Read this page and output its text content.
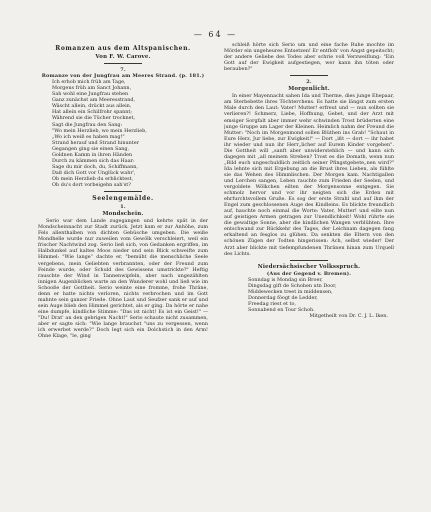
— 64 —
Romanzen aus dem Altspanischen.
Von F. W. Carove.
7.
Romanze von der Jungfrau am Meeres Strand. (p. 181.)
Ich erhob mich früh am Tage,
Morgens früh am Sanct Johann,
Sah wohl eine Jungfrau stehen
Ganz zunächst am Meeresstrand,
Wäscht allein, drückt aus allein,
Hat allein ein Schilfrohr spannt;
Während sie die Tücher trocknet,
Sagt die Jungfrau den Sang:
"Wo mein Herzlieb, wo mein Herzlieb,
„Wo ich weiß es haben mag!"
Strand herauf und Strand hinunter
Gegangen ging sie einen Sang,
Goldnen Kamm in ihren Händen
Durch zu kämmen sich das Haar:
Sage du mir doch, du, Schiffmann,
Daß dich Gott vor Unglück wahr',
Ob mein Herzlieb du erblicktest,
Ob du's dort vorbeigehn sah'st?
Seelengemälde.
1.
Mondschein.

Serio war dem Lande zugegangen und kehrte spät in der Mondscheinnacht zur Stadt zurück. Jetzt kam er zur Anhöhe, zum Fels allenthalben von dichten Gebüsche umgeben. Die weiße Mondhelle wurde nur zuweilen vom Gewölk verschleiert, weil ein frischer Nachtwind zog. Serio ließ sich, von Gedanken ergriffen, im Halbdunkel auf kaltes Moos nieder und sein Blick schweifte zum Himmel: "Wie lange“ dachte er, "bemüht die menschliche Seele vergebens, mein Geliebten verbrannten, oder der Freund zum Feinde wurde, oder Schuld des Gewissens umstrickte?" Heftig rauschte der Wind in Tannenwipfeln, aber nach ungezählten innigen Augenblicken warte an den Wanderer wohl und ließ wie im Schooße der Gottheit. Serio weinte eine fromme, frohe Thräne, denn er hatte nichts verloren, nichts verbrochen und im Gott mahnte sein ganzer Friede. Ohne Laut und Seufzer sank er auf und sein Auge blieb den Himmel gerichtet, als er ging. Da hörte er nahe eine dumpfe, kindliche Stimme: "Das ist nicht! Es ist ein Geist!" — "Du! Drat' an den gebrigen Nacht!" Serio schaute nicht zusammen, aber er sagte sich: "Wie lange brauchst "uns zu vergessen, wenn ich erwerbet werde?" Doch legt sich ein Dolchstich in den Arm! Ohne Klage, "le, ging

schleiß hörte sich Serio um und eine fache Ruhe mochte im Mörder ein ungeheures Entsetzen! Er entfloh' von Angst gepeitscht; der andere Geliebe des Todes aber schrie voll Verzweiflung: "Ein Gott auf der Ewigkeit aufgestiegen, wer kann ihn töten oder berauben?"

2.
Morgenlicht.

In einer Mayennacht sahen Ida und Therme, dies junge Ehepaar, am Sterbebette ihres Töchterchens. Es hatte sie längst zum ersten Male durch den Laut: Vater! Mutter! erfreut und — nun sollten sie verlieren?! Schmerz, Liebe, Hoffnung, Gebet, und der Arzt mit emsiger Sorgfalt aber immer wehr schwinden Trost brüderten eine junge Gruppe am Lager der Kleinen. Heimlich nahm der Freund die Mutter: "Noch im Morgenmond sollen Blüthen ins Grab! "Schaut in Eure Herz, Jur liebe, zur Ewigkeit!" — Dort „ißt — dort — ihr habet ihr wieder und nun ihr Herr„licher auf Eurem Kinder vorgeben". Die Gottheit will „sanft aber unwiderstehlich — und kann sich dagegen mit „all meinem Streben? Trost es die Domath, wenn nun „Bild euch ungeschuldlich zeitlich seiner Pfingstgebete„nen wird?" Ida lehnte sich mit Ergebung an die Brust ihres Lieben, als fühlte sie das Wehen des Himmlischen. Der Morgen kam. Nachtigallen und Lerchen sangen, Leben rauchte zum Frieden der Seelen, und vergoldete Wölkchen eilten der Morgensonne entgegen. Sie schmolz hervor und vor ihr neigten sich die Erden mit ehrfurchtsvollem Gruße. Es sog der erste Strahl und auf ihm der Engel zum geschlossenen Auge des Kindleins. Es blickte freundlich auf, hauchte noch einmal die Worte: Vater, Mutter! und eilte nun auf geistigen Armen getragen zur Unendlichkeit! Wohl rührte sie die gewaltige Sonne, aber die kindlichen Wangen verblühten. Ihre entschwand zur Rückkehr des Tages, der Leichnam dagegen fang erkaltend an fesglos zu glühen. Da senkten die Eltern von den schönen Zügen der Todten hingerissen: Ach, selbst wieder! Der Arzt aber blickte mit tiefempfundenen Thränen hinan zum Urquell des Lichts.

Niedersächsischer Volksspruch.
(Aus der Gegend v. Bremen).
Sonndag is Mondag sin Broer,
Dingsdag gift de Schohen utn Door,
Middewecken treet in middensen,
Donnerdag föogt de Ledder,
Freedag riest et to,
Sonnabend en Tour Schoh.
Mitgetheilt von Dr. C. J. L. Iken.
